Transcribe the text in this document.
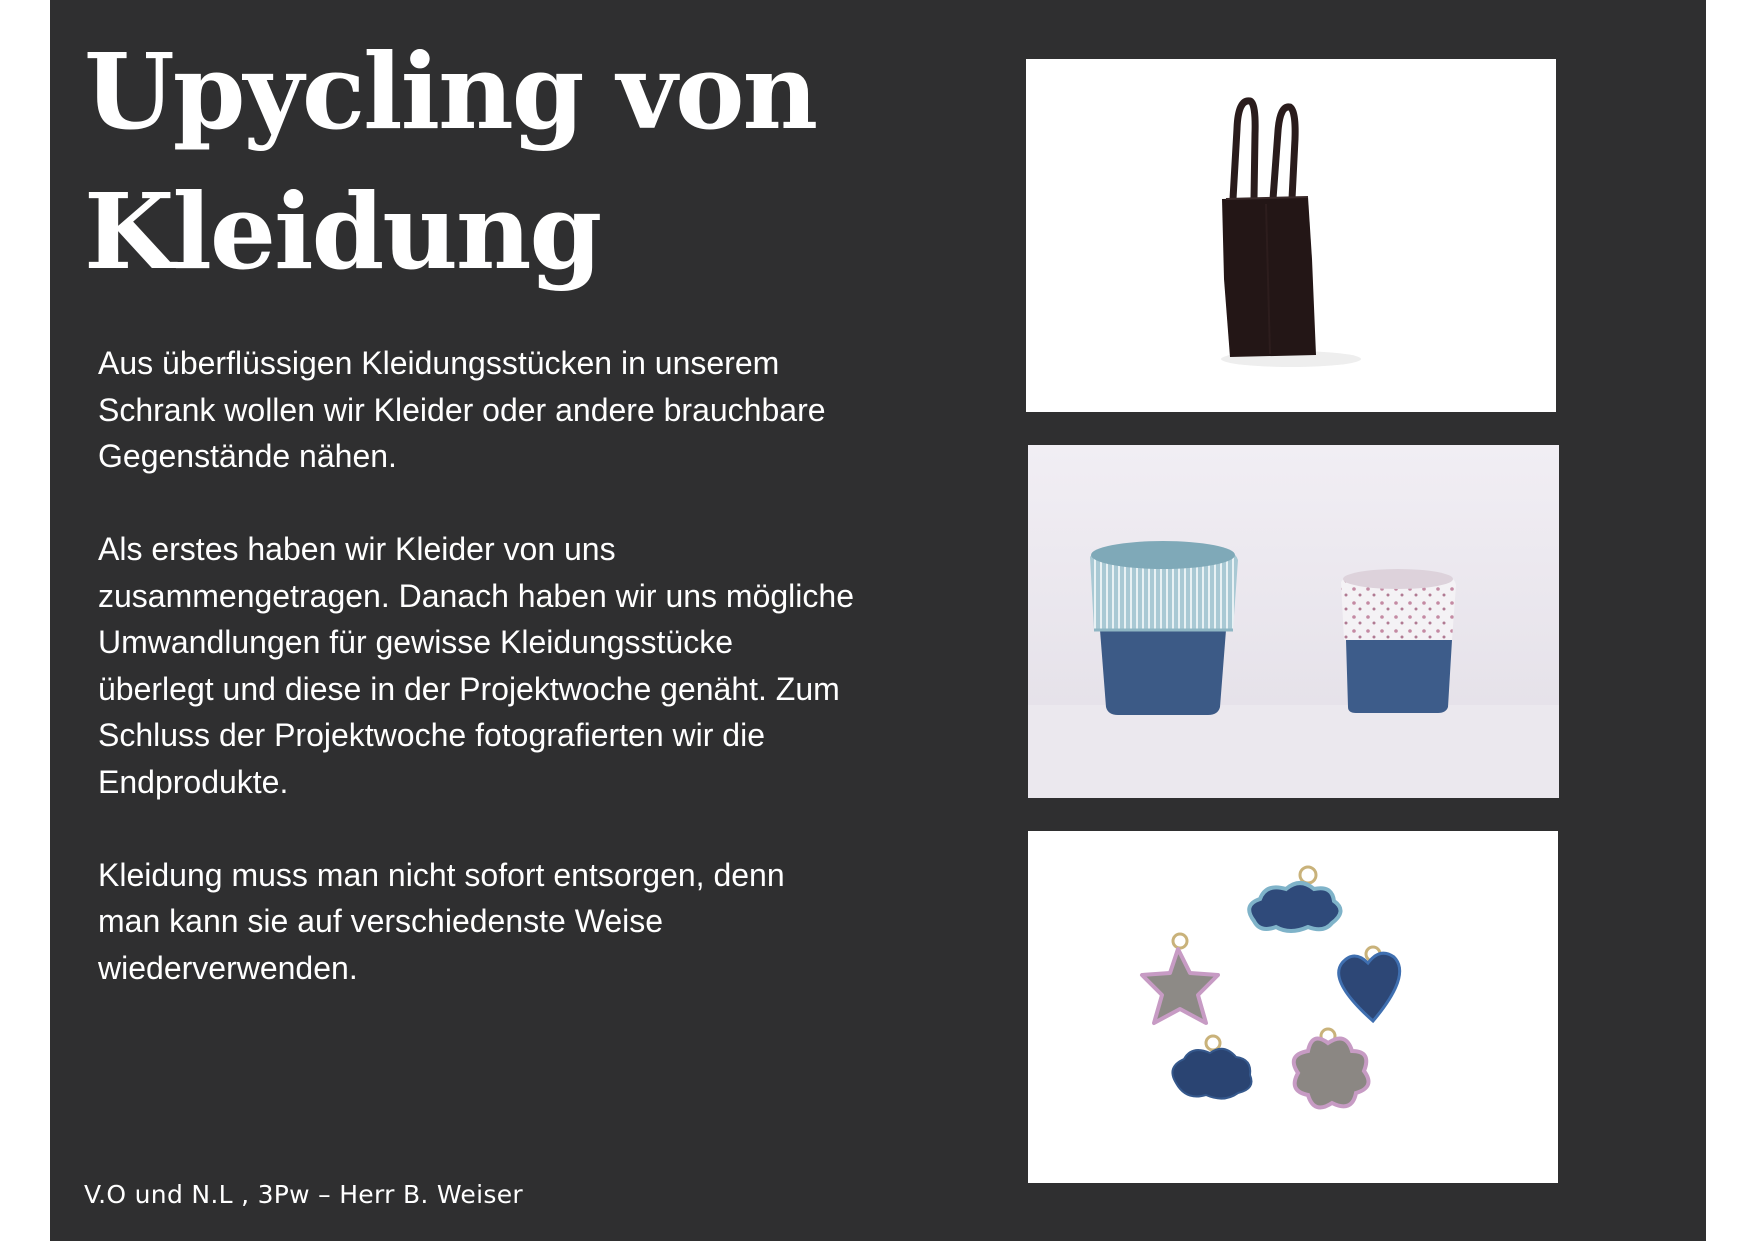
Upycling von
Kleidung

Aus überflüssigen Kleidungsstücken in unserem
Schrank wollen wir Kleider oder andere brauchbare
Gegenstände nähen.

Als erstes haben wir Kleider von uns
zusammengetragen. Danach haben wir uns mögliche
Umwandlungen für gewisse Kleidungsstücke
überlegt und diese in der Projektwoche genäht. Zum
Schluss der Projektwoche fotografierten wir die
Endprodukte.

Kleidung muss man nicht sofort entsorgen, denn
man kann sie auf verschiedenste Weise
wiederverwenden.

V.O und N.L , 3Pw – Herr B. Weiser
